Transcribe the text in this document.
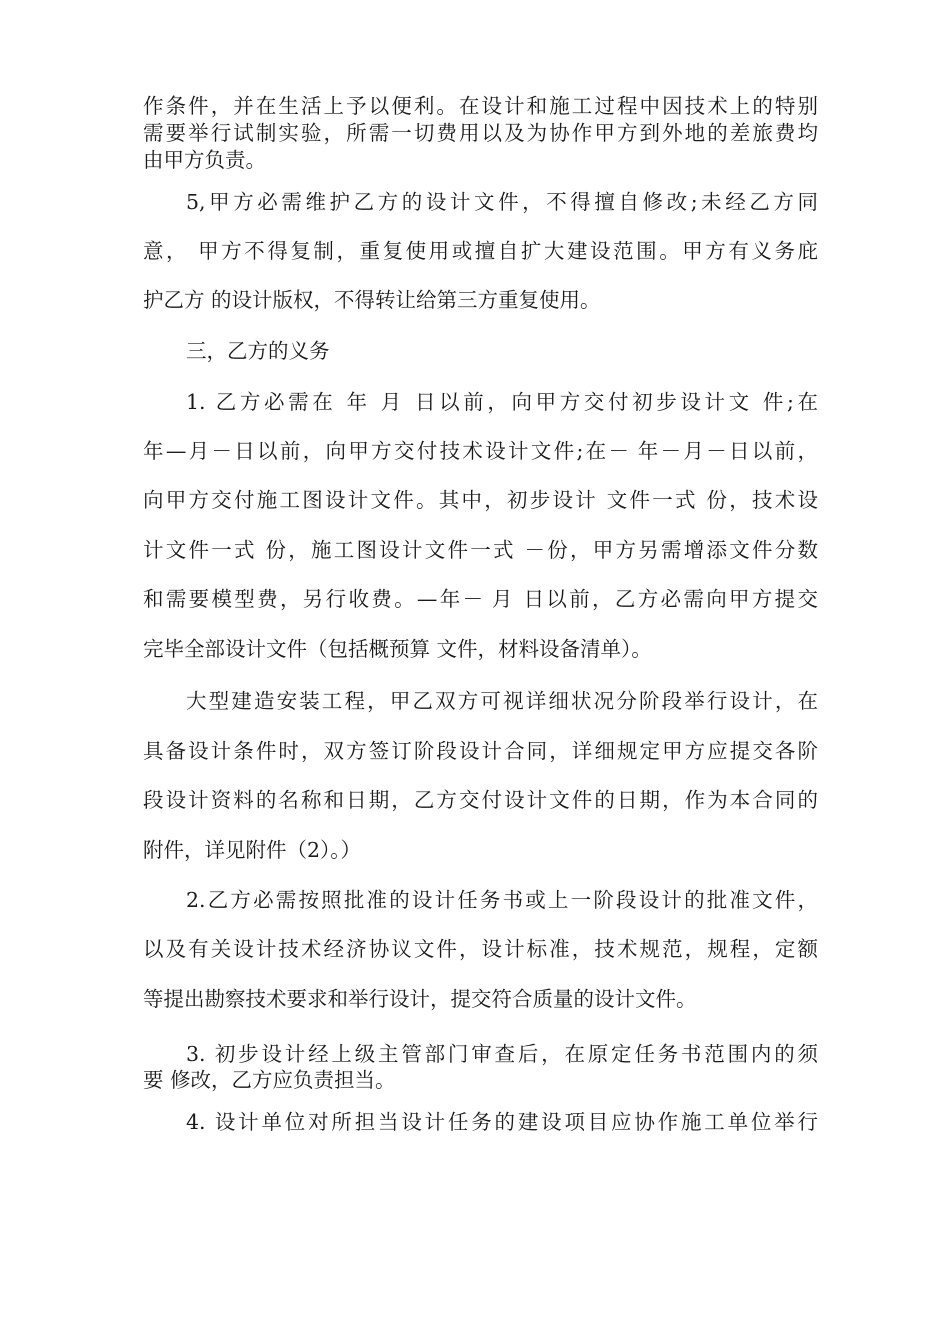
作条件，并在生活上予以便利。在设计和施工过程中因技术上的特别
需要举行试制实验，所需一切费用以及为协作甲方到外地的差旅费均
由甲方负责。
5,甲方必需维护乙方的设计文件，不得擅自修改;未经乙方同
意， 甲方不得复制，重复使用或擅自扩大建设范围。甲方有义务庇
护乙方 的设计版权，不得转让给第三方重复使用。
三，乙方的义务
1. 乙方必需在 年 月 日以前，向甲方交付初步设计文 件;在
年—月－日以前，向甲方交付技术设计文件;在－ 年－月－日以前，
向甲方交付施工图设计文件。其中，初步设计 文件一式 份，技术设
计文件一式 份，施工图设计文件一式 －份，甲方另需增添文件分数
和需要模型费，另行收费。—年－ 月 日以前，乙方必需向甲方提交
完毕全部设计文件（包括概预算 文件，材料设备清单）。
大型建造安装工程，甲乙双方可视详细状况分阶段举行设计，在
具备设计条件时，双方签订阶段设计合同，详细规定甲方应提交各阶
段设计资料的名称和日期，乙方交付设计文件的日期，作为本合同的
附件，详见附件（2）。）
2.乙方必需按照批准的设计任务书或上一阶段设计的批准文件，
以及有关设计技术经济协议文件，设计标准，技术规范，规程，定额
等提出勘察技术要求和举行设计，提交符合质量的设计文件。
3. 初步设计经上级主管部门审查后，在原定任务书范围内的须
要 修改，乙方应负责担当。
4. 设计单位对所担当设计任务的建设项目应协作施工单位举行
